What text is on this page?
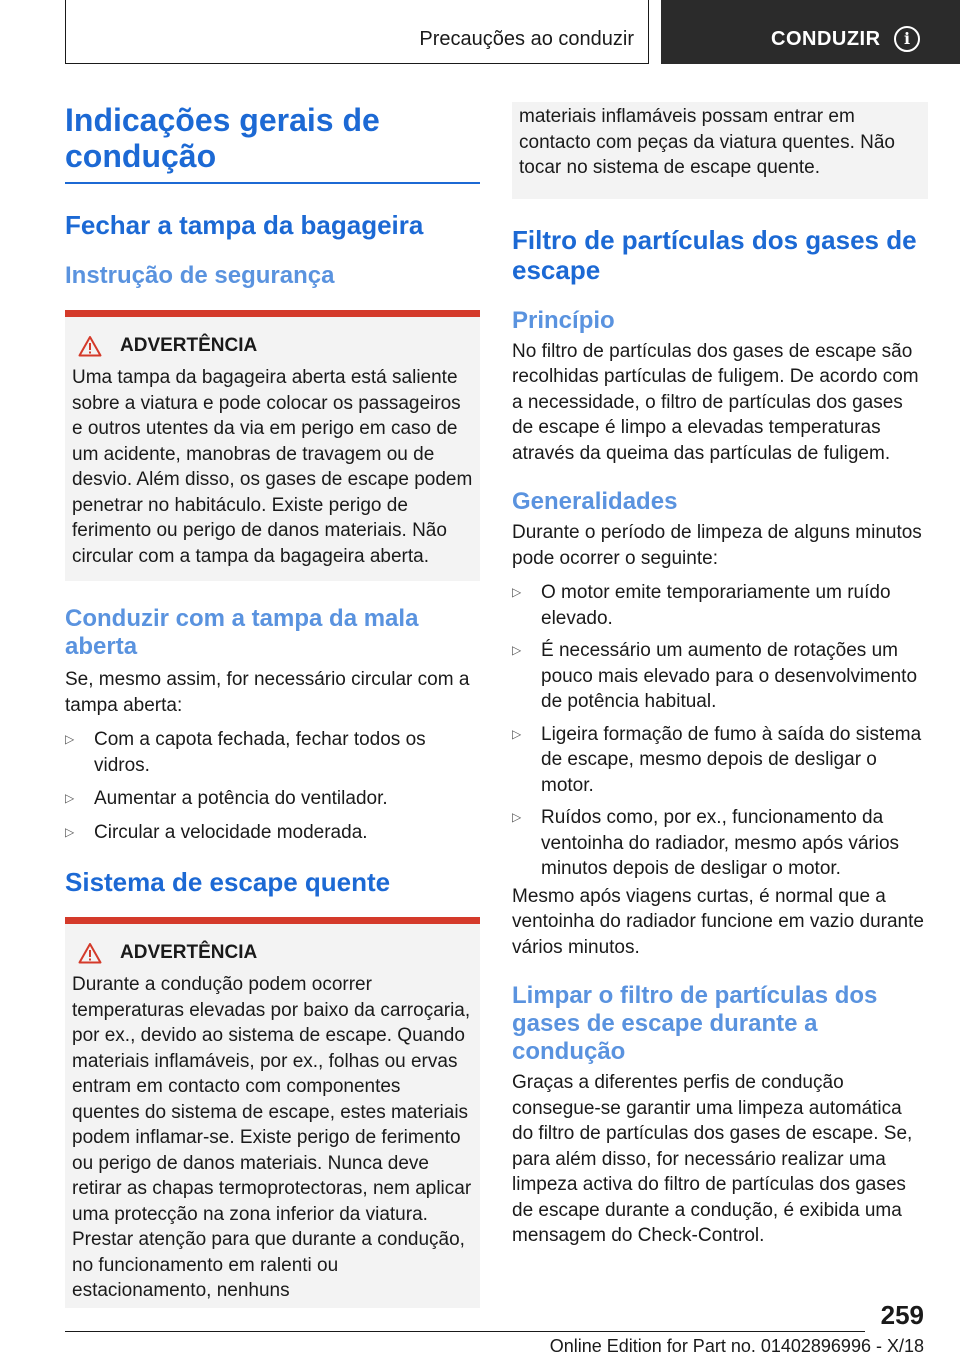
Precauções ao conduzir	CONDUZIR	i
Indicações gerais de condução
Fechar a tampa da bagageira
Instrução de segurança
ADVERTÊNCIA
Uma tampa da bagageira aberta está saliente sobre a viatura e pode colocar os passageiros e outros utentes da via em perigo em caso de um acidente, manobras de travagem ou de desvio. Além disso, os gases de escape podem penetrar no habitáculo. Existe perigo de ferimento ou perigo de danos materiais. Não circular com a tampa da bagageira aberta.
Conduzir com a tampa da mala aberta
Se, mesmo assim, for necessário circular com a tampa aberta:
▷ Com a capota fechada, fechar todos os vidros.
▷ Aumentar a potência do ventilador.
▷ Circular a velocidade moderada.
Sistema de escape quente
ADVERTÊNCIA
Durante a condução podem ocorrer temperaturas elevadas por baixo da carroçaria, por ex., devido ao sistema de escape. Quando materiais inflamáveis, por ex., folhas ou ervas entram em contacto com componentes quentes do sistema de escape, estes materiais podem inflamar-se. Existe perigo de ferimento ou perigo de danos materiais. Nunca deve retirar as chapas termoprotectoras, nem aplicar uma protecção na zona inferior da viatura. Prestar atenção para que durante a condução, no funcionamento em ralenti ou estacionamento, nenhuns
materiais inflamáveis possam entrar em contacto com peças da viatura quentes. Não tocar no sistema de escape quente.
Filtro de partículas dos gases de escape
Princípio
No filtro de partículas dos gases de escape são recolhidas partículas de fuligem. De acordo com a necessidade, o filtro de partículas dos gases de escape é limpo a elevadas temperaturas através da queima das partículas de fuligem.
Generalidades
Durante o período de limpeza de alguns minutos pode ocorrer o seguinte:
▷ O motor emite temporariamente um ruído elevado.
▷ É necessário um aumento de rotações um pouco mais elevado para o desenvolvimento de potência habitual.
▷ Ligeira formação de fumo à saída do sistema de escape, mesmo depois de desligar o motor.
▷ Ruídos como, por ex., funcionamento da ventoinha do radiador, mesmo após vários minutos depois de desligar o motor.
Mesmo após viagens curtas, é normal que a ventoinha do radiador funcione em vazio durante vários minutos.
Limpar o filtro de partículas dos gases de escape durante a condução
Graças a diferentes perfis de condução consegue-se garantir uma limpeza automática do filtro de partículas dos gases de escape. Se, para além disso, for necessário realizar uma limpeza activa do filtro de partículas dos gases de escape durante a condução, é exibida uma mensagem do Check-Control.
259
Online Edition for Part no. 01402896996 - X/18
